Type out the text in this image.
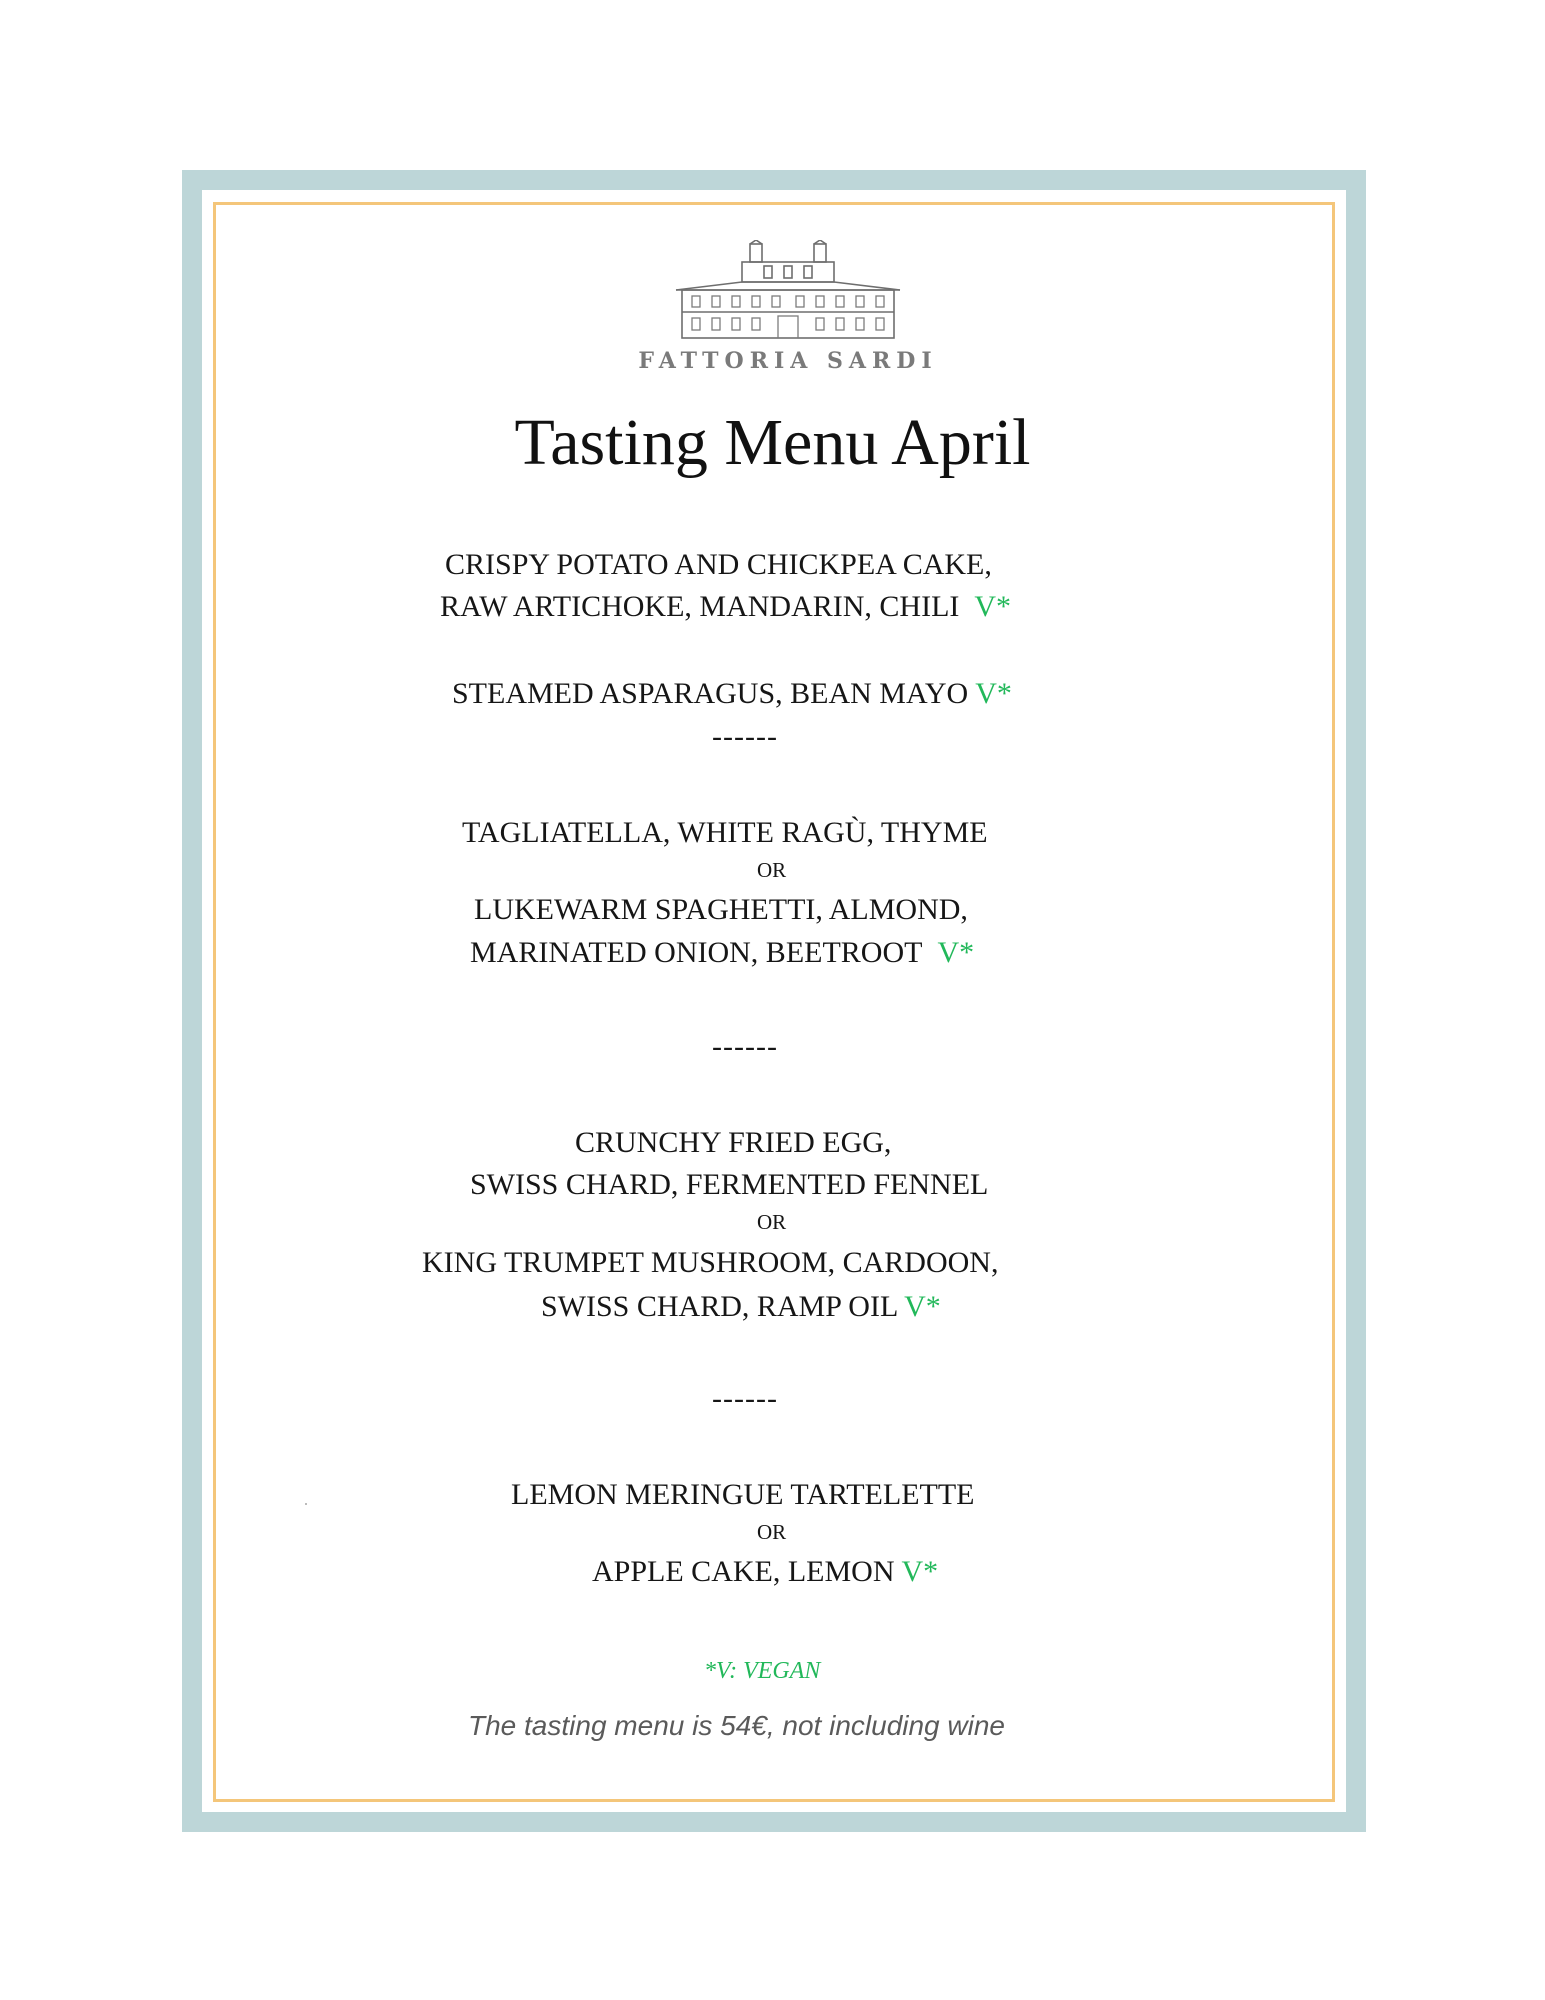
FATTORIA SARDI
Tasting Menu April
CRISPY POTATO AND CHICKPEA CAKE,
RAW ARTICHOKE, MANDARIN, CHILI V*
STEAMED ASPARAGUS, BEAN MAYO V*
------
TAGLIATELLA, WHITE RAGÙ, THYME
OR
LUKEWARM SPAGHETTI, ALMOND,
MARINATED ONION, BEETROOT V*
------
CRUNCHY FRIED EGG,
SWISS CHARD, FERMENTED FENNEL
OR
KING TRUMPET MUSHROOM, CARDOON,
SWISS CHARD, RAMP OIL V*
------
LEMON MERINGUE TARTELETTE
OR
APPLE CAKE, LEMON V*
*V: VEGAN
The tasting menu is 54€, not including wine
